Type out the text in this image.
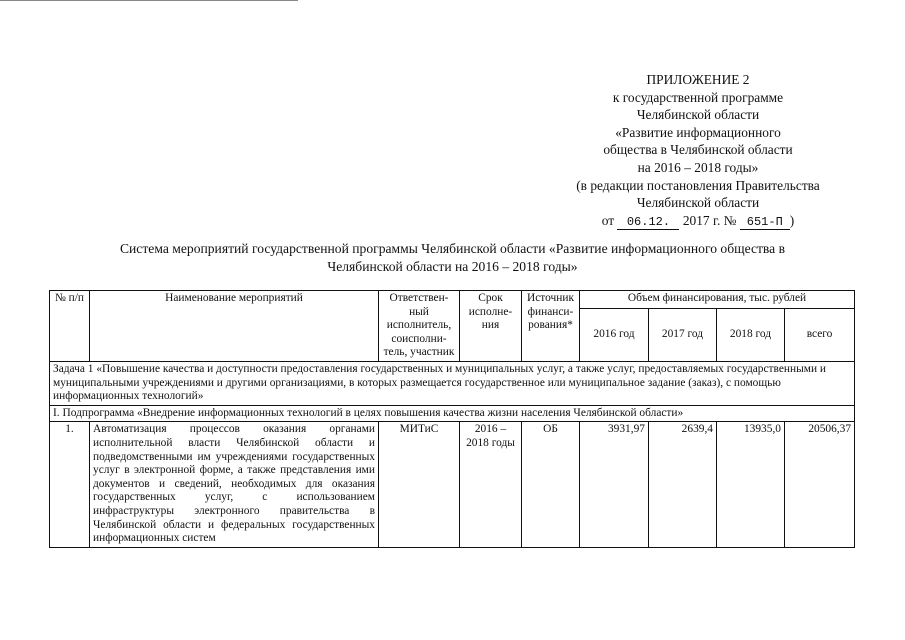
ПРИЛОЖЕНИЕ 2
к государственной программе
Челябинской области
«Развитие информационного
общества в Челябинской области
на 2016 – 2018 годы»
(в редакции постановления Правительства
Челябинской области
от 06.12. 2017 г. № 651-П )
Система мероприятий государственной программы Челябинской области «Развитие информационного общества в
Челябинской области на 2016 – 2018 годы»
№ п/п	Наименование мероприятий	Ответствен-ный исполнитель, соисполни-тель, участник	Срок исполне-ния	Источник финанси-рования*	Объем финансирования, тыс. рублей			
					2016 год	2017 год	2018 год	всего
Задача 1 «Повышение качества и доступности предоставления государственных и муниципальных услуг, а также услуг, предоставляемых государственными и муниципальными учреждениями и другими организациями, в которых размещается государственное или муниципальное задание (заказ), с помощью информационных технологий»								
I. Подпрограмма «Внедрение информационных технологий в целях повышения качества жизни населения Челябинской области»								
1.	Автоматизация процессов оказания органами исполнительной власти Челябинской области и подведомственными им учреждениями государственных услуг в электронной форме, а также представления ими документов и сведений, необходимых для оказания государственных услуг, с использованием инфраструктуры электронного правительства в Челябинской области и федеральных государственных информационных систем	МИТиС	2016 – 2018 годы	ОБ	3931,97	2639,4	13935,0	20506,37
